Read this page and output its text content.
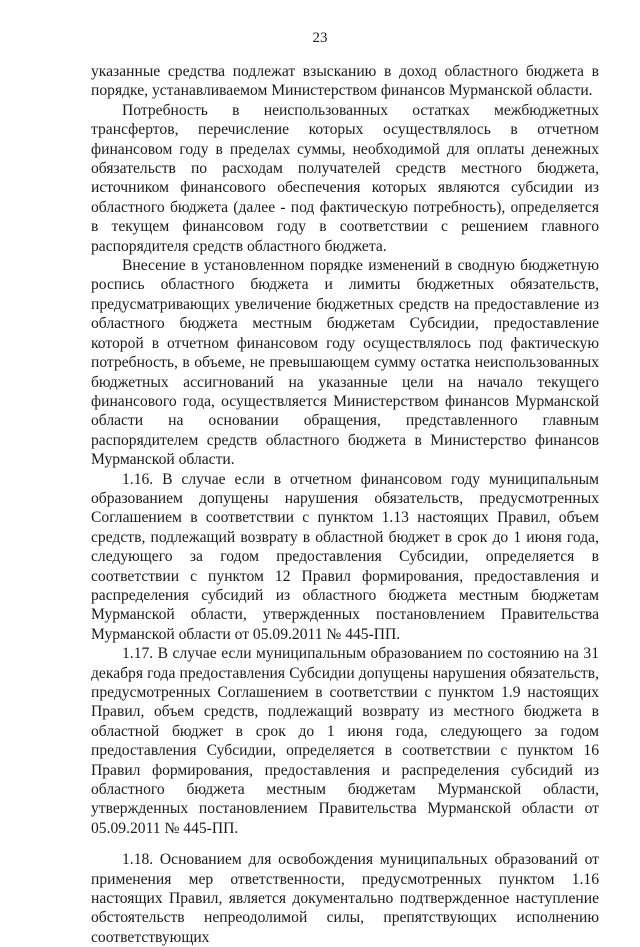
23

указанные средства подлежат взысканию в доход областного бюджета в порядке, устанавливаемом Министерством финансов Мурманской области.

Потребность в неиспользованных остатках межбюджетных трансфертов, перечисление которых осуществлялось в отчетном финансовом году в пределах суммы, необходимой для оплаты денежных обязательств по расходам получателей средств местного бюджета, источником финансового обеспечения которых являются субсидии из областного бюджета (далее - под фактическую потребность), определяется в текущем финансовом году в соответствии с решением главного распорядителя средств областного бюджета.

Внесение в установленном порядке изменений в сводную бюджетную роспись областного бюджета и лимиты бюджетных обязательств, предусматривающих увеличение бюджетных средств на предоставление из областного бюджета местным бюджетам Субсидии, предоставление которой в отчетном финансовом году осуществлялось под фактическую потребность, в объеме, не превышающем сумму остатка неиспользованных бюджетных ассигнований на указанные цели на начало текущего финансового года, осуществляется Министерством финансов Мурманской области на основании обращения, представленного главным распорядителем средств областного бюджета в Министерство финансов Мурманской области.

1.16. В случае если в отчетном финансовом году муниципальным образованием допущены нарушения обязательств, предусмотренных Соглашением в соответствии с пунктом 1.13 настоящих Правил, объем средств, подлежащий возврату в областной бюджет в срок до 1 июня года, следующего за годом предоставления Субсидии, определяется в соответствии с пунктом 12 Правил формирования, предоставления и распределения субсидий из областного бюджета местным бюджетам Мурманской области, утвержденных постановлением Правительства Мурманской области от 05.09.2011 № 445-ПП.

1.17. В случае если муниципальным образованием по состоянию на 31 декабря года предоставления Субсидии допущены нарушения обязательств, предусмотренных Соглашением в соответствии с пунктом 1.9 настоящих Правил, объем средств, подлежащий возврату из местного бюджета в областной бюджет в срок до 1 июня года, следующего за годом предоставления Субсидии, определяется в соответствии с пунктом 16 Правил формирования, предоставления и распределения субсидий из областного бюджета местным бюджетам Мурманской области, утвержденных постановлением Правительства Мурманской области от 05.09.2011 № 445-ПП.

1.18. Основанием для освобождения муниципальных образований от применения мер ответственности, предусмотренных пунктом 1.16 настоящих Правил, является документально подтвержденное наступление обстоятельств непреодолимой силы, препятствующих исполнению соответствующих
